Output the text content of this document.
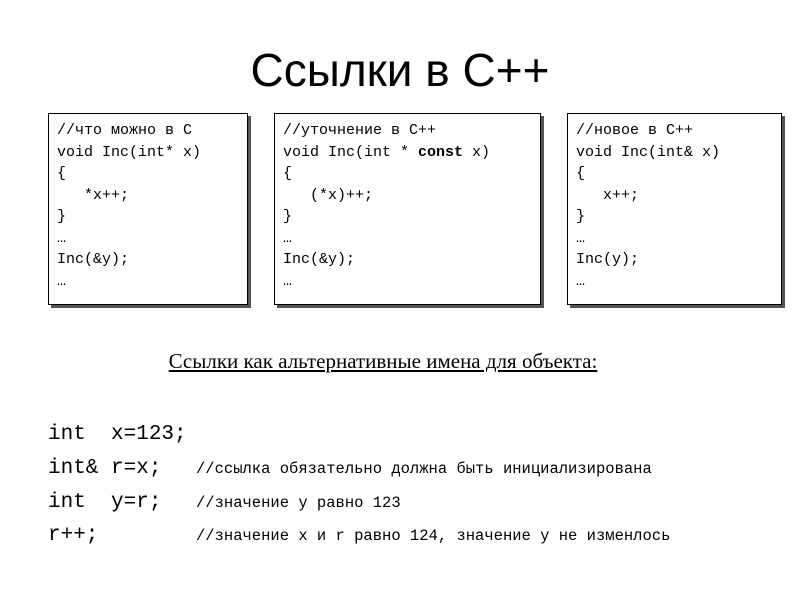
Ссылки в С++
//что можно в С
void Inc(int* x)
{
*x++;
}
…
Inc(&y);
…
//уточнение в С++
void Inc(int * const x)
{
(*x)++;
}
…
Inc(&y);
…
//новое в С++
void Inc(int& x)
{
x++;
}
…
Inc(y);
…
Ссылки как альтернативные имена для объекта:
int  x=123;
int& r=x; //ссылка обязательно должна быть инициализирована
int  y=r; //значение у равно 123
r++;	//значение x и r равно 124, значение у не изменлось
